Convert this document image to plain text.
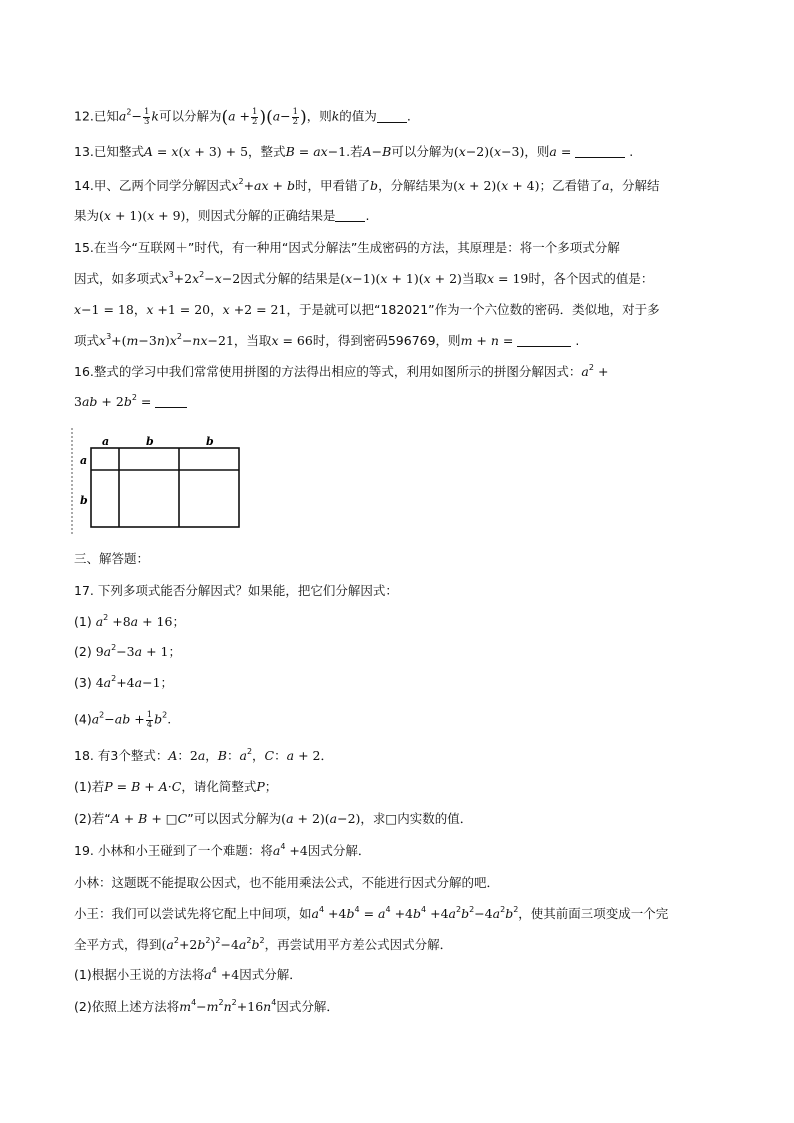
12.已知$a^2- \frac{1}{3}$ k可以分解为$(a + \frac{1}{2} )(a- \frac{1}{2}$ )，则k的值为 .
13.已知整式A = x(x + 3) + 5，整式B = ax−1.若A−B可以分解为(x−2)(x−3)，则a =	.
14.甲、乙两个同学分解因式$x^2+ax + b$时，甲看错了b，分解结果为(x + 2)(x + 4)；乙看错了a，分解结
果为(x + 1)(x + 9)，则因式分解的正确结果是 .
15.在当今“互联网＋”时代，有一种用“因式分解法”生成密码的方法，其原理是：将一个多项式分解
因式，如多项式$x^3+2x^2-x-2$因式分解的结果是(x−1)(x + 1)(x + 2)当取x = 19时，各个因式的值是：
x−1 = 18，x +1 = 20，x +2 = 21，于是就可以把“182021”作为一个六位数的密码．类似地，对于多
项式$x^3+(m-3n)x^2-nx-21$，当取x = 66时，得到密码596769，则m + n =	.
16.整式的学习中我们常常使用拼图的方法得出相应的等式，利用如图所示的拼图分解因式：$a^2$ +
$3ab + 2b^2$ =
a	b	b
a
b
三、解答题：
17. 下列多项式能否分解因式？如果能，把它们分解因式：
(1) $a^2 +8a + 16$；
(2) $9a^2-3a + 1$；
(3) $4a^2+4a-1$；
$(4)a^2-ab + \frac{1}{4} b^2$.
18. 有3个整式：A：2a，B：$a^2$，C：a + 2．
(1)若P = B + A·C，请化简整式P；
(2)若“A + B + □C”可以因式分解为(a + 2)(a−2)，求□内实数的值．
19. 小林和小王碰到了一个难题：将$a^4 +4$因式分解．
小林：这题既不能提取公因式，也不能用乘法公式，不能进行因式分解的吧．
小王：我们可以尝试先将它配上中间项，如$a^4 +4b^4 = a^4 +4b^4 +4a^2b^2-4a^2b^2$，使其前面三项变成一个完
全平方式，得到$(a^2+2b^2)^2-4a^2b^2$，再尝试用平方差公式因式分解．
(1)根据小王说的方法将$a^4 +4$因式分解．
(2)依照上述方法将$m^4-m^2n^2+16n^4$因式分解．
